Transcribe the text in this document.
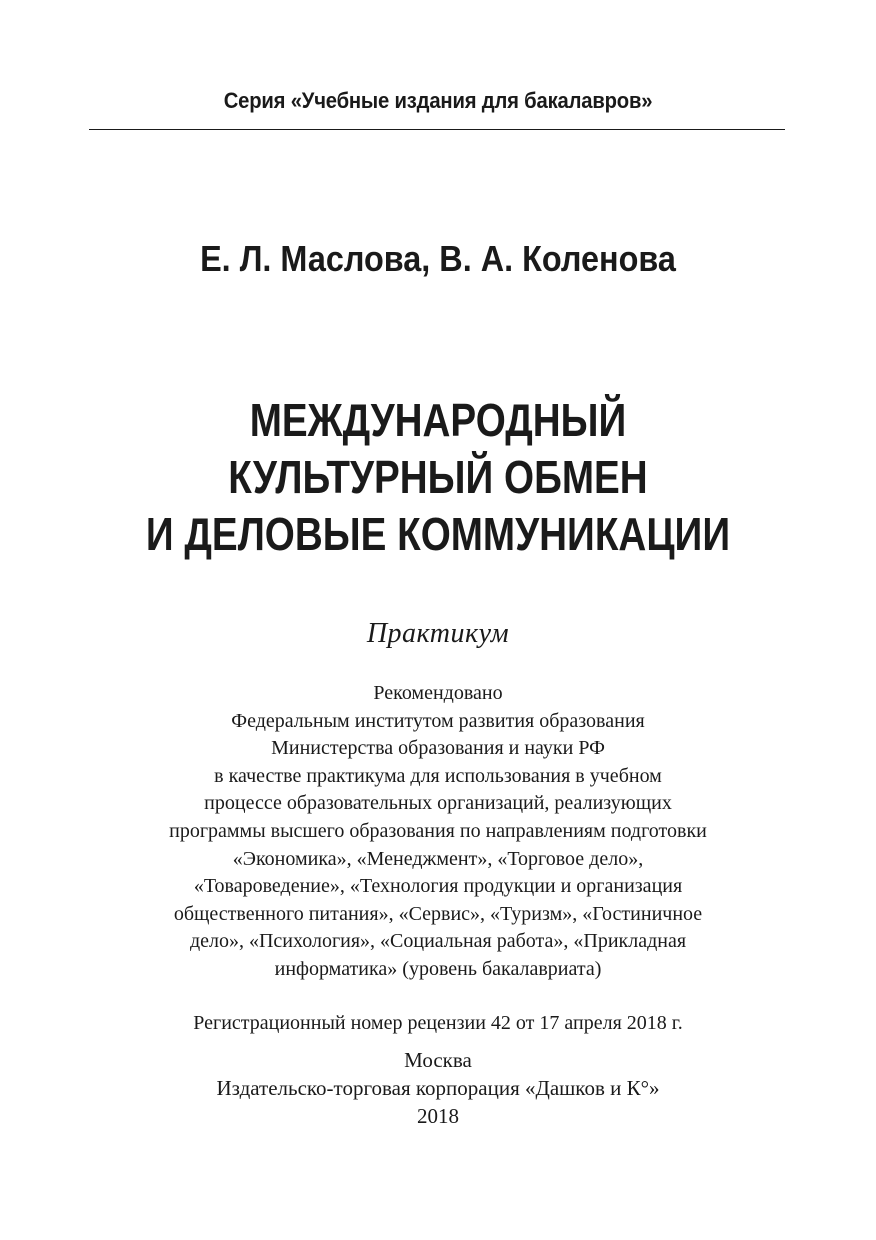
Серия «Учебные издания для бакалавров»
Е. Л. Маслова, В. А. Коленова
МЕЖДУНАРОДНЫЙ
КУЛЬТУРНЫЙ ОБМЕН
И ДЕЛОВЫЕ КОММУНИКАЦИИ
Практикум
Рекомендовано
Федеральным институтом развития образования
Министерства образования и науки РФ
в качестве практикума для использования в учебном
процессе образовательных организаций, реализующих
программы высшего образования по направлениям подготовки
«Экономика», «Менеджмент», «Торговое дело»,
«Товароведение», «Технология продукции и организация
общественного питания», «Сервис», «Туризм», «Гостиничное
дело», «Психология», «Социальная работа», «Прикладная
информатика» (уровень бакалавриата)
Регистрационный номер рецензии 42 от 17 апреля 2018 г.
Москва
Издательско-торговая корпорация «Дашков и К°»
2018
